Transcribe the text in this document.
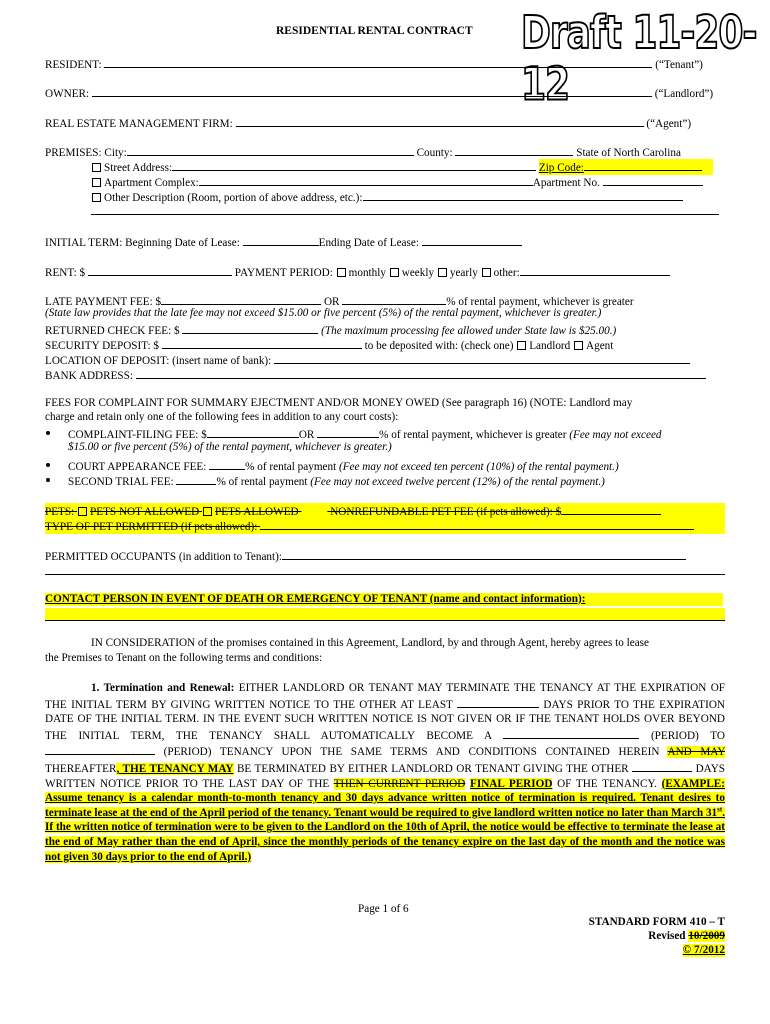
RESIDENTIAL RENTAL CONTRACT Draft 11-20-12
RESIDENT:	(“Tenant”)
OWNER:	(“Landlord”)
REAL ESTATE MANAGEMENT FIRM:	(“Agent”)
PREMISES: City:	County:	State of North Carolina
Street Address:	Zip Code:
Apartment Complex:	Apartment No.
Other Description (Room, portion of above address, etc.):
INITIAL TERM: Beginning Date of Lease:	Ending Date of Lease:
RENT: $	PAYMENT PERIOD: monthly weekly yearly other:
LATE PAYMENT FEE: $	OR	% of rental payment, whichever is greater
(State law provides that the late fee may not exceed $15.00 or five percent (5%) of the rental payment, whichever is greater.)
RETURNED CHECK FEE: $	(The maximum processing fee allowed under State law is $25.00.)
SECURITY DEPOSIT: $	to be deposited with: (check one) Landlord Agent
LOCATION OF DEPOSIT: (insert name of bank):
BANK ADDRESS:
FEES FOR COMPLAINT FOR SUMMARY EJECTMENT AND/OR MONEY OWED (See paragraph 16) (NOTE: Landlord may
charge and retain only one of the following fees in addition to any court costs):
COMPLAINT-FILING FEE: $	OR	% of rental payment, whichever is greater (Fee may not exceed
$15.00 or five percent (5%) of the rental payment, whichever is greater.)
COURT APPEARANCE FEE:	% of rental payment (Fee may not exceed ten percent (10%) of the rental payment.)
SECOND TRIAL FEE:	% of rental payment (Fee may not exceed twelve percent (12%) of the rental payment.)
PETS: PETS NOT ALLOWED PETS ALLOWED	NONREFUNDABLE PET FEE (if pets allowed): $
TYPE OF PET PERMITTED (if pets allowed):
PERMITTED OCCUPANTS (in addition to Tenant):
CONTACT PERSON IN EVENT OF DEATH OR EMERGENCY OF TENANT (name and contact information):
IN CONSIDERATION of the promises contained in this Agreement, Landlord, by and through Agent, hereby agrees to lease
the Premises to Tenant on the following terms and conditions:
1. Termination and Renewal: EITHER LANDLORD OR TENANT MAY TERMINATE THE TENANCY AT THE EXPIRATION OF THE INITIAL TERM BY GIVING WRITTEN NOTICE TO THE OTHER AT LEAST	DAYS PRIOR TO THE EXPIRATION DATE OF THE INITIAL TERM. IN THE EVENT SUCH WRITTEN NOTICE IS NOT GIVEN OR IF THE TENANT HOLDS OVER BEYOND THE INITIAL TERM, THE TENANCY SHALL AUTOMATICALLY BECOME A	(PERIOD) TO  (PERIOD) TENANCY UPON THE SAME TERMS AND CONDITIONS CONTAINED HEREIN AND MAY THEREAFTER, THE TENANCY MAY BE TERMINATED BY EITHER LANDLORD OR TENANT GIVING THE OTHER	DAYS WRITTEN NOTICE PRIOR TO THE LAST DAY OF THE THEN CURRENT PERIOD FINAL PERIOD OF THE TENANCY. (EXAMPLE: Assume tenancy is a calendar month-to-month tenancy and 30 days advance written notice of termination is required. Tenant desires to terminate lease at the end of the April period of the tenancy. Tenant would be required to give landlord written notice no later than March 31st. If the written notice of termination were to be given to the Landlord on the 10th of April, the notice would be effective to terminate the lease at the end of May rather than the end of April, since the monthly periods of the tenancy expire on the last day of the month and the notice was not given 30 days prior to the end of April.)
Page 1 of 6
STANDARD FORM 410 – T
Revised 10/2009
© 7/2012
